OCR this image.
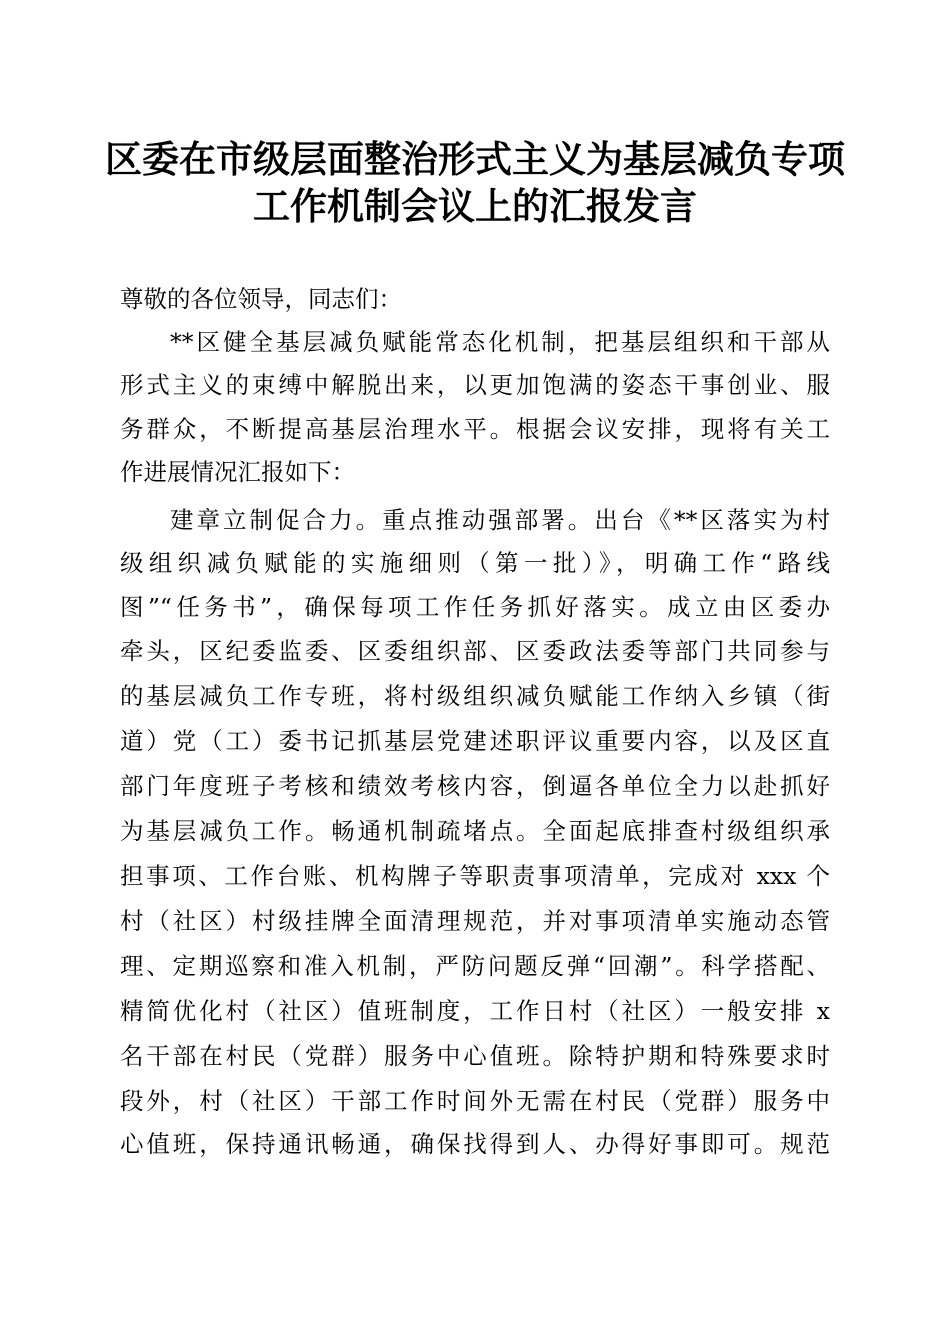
区委在市级层面整治形式主义为基层减负专项
工作机制会议上的汇报发言
尊敬的各位领导，同志们：
**区健全基层减负赋能常态化机制，把基层组织和干部从
形式主义的束缚中解脱出来，以更加饱满的姿态干事创业、服
务群众，不断提高基层治理水平。根据会议安排，现将有关工
作进展情况汇报如下：
建章立制促合力。重点推动强部署。出台《**区落实为村
级组织减负赋能的实施细则（第一批）》，明确工作“路线
图”“任务书”，确保每项工作任务抓好落实。成立由区委办
牵头，区纪委监委、区委组织部、区委政法委等部门共同参与
的基层减负工作专班，将村级组织减负赋能工作纳入乡镇（街
道）党（工）委书记抓基层党建述职评议重要内容，以及区直
部门年度班子考核和绩效考核内容，倒逼各单位全力以赴抓好
为基层减负工作。畅通机制疏堵点。全面起底排查村级组织承
担事项、工作台账、机构牌子等职责事项清单，完成对 xxx 个
村（社区）村级挂牌全面清理规范，并对事项清单实施动态管
理、定期巡察和准入机制，严防问题反弹“回潮”。科学搭配、
精简优化村（社区）值班制度，工作日村（社区）一般安排 x
名干部在村民（党群）服务中心值班。除特护期和特殊要求时
段外，村（社区）干部工作时间外无需在村民（党群）服务中
心值班，保持通讯畅通，确保找得到人、办得好事即可。规范
